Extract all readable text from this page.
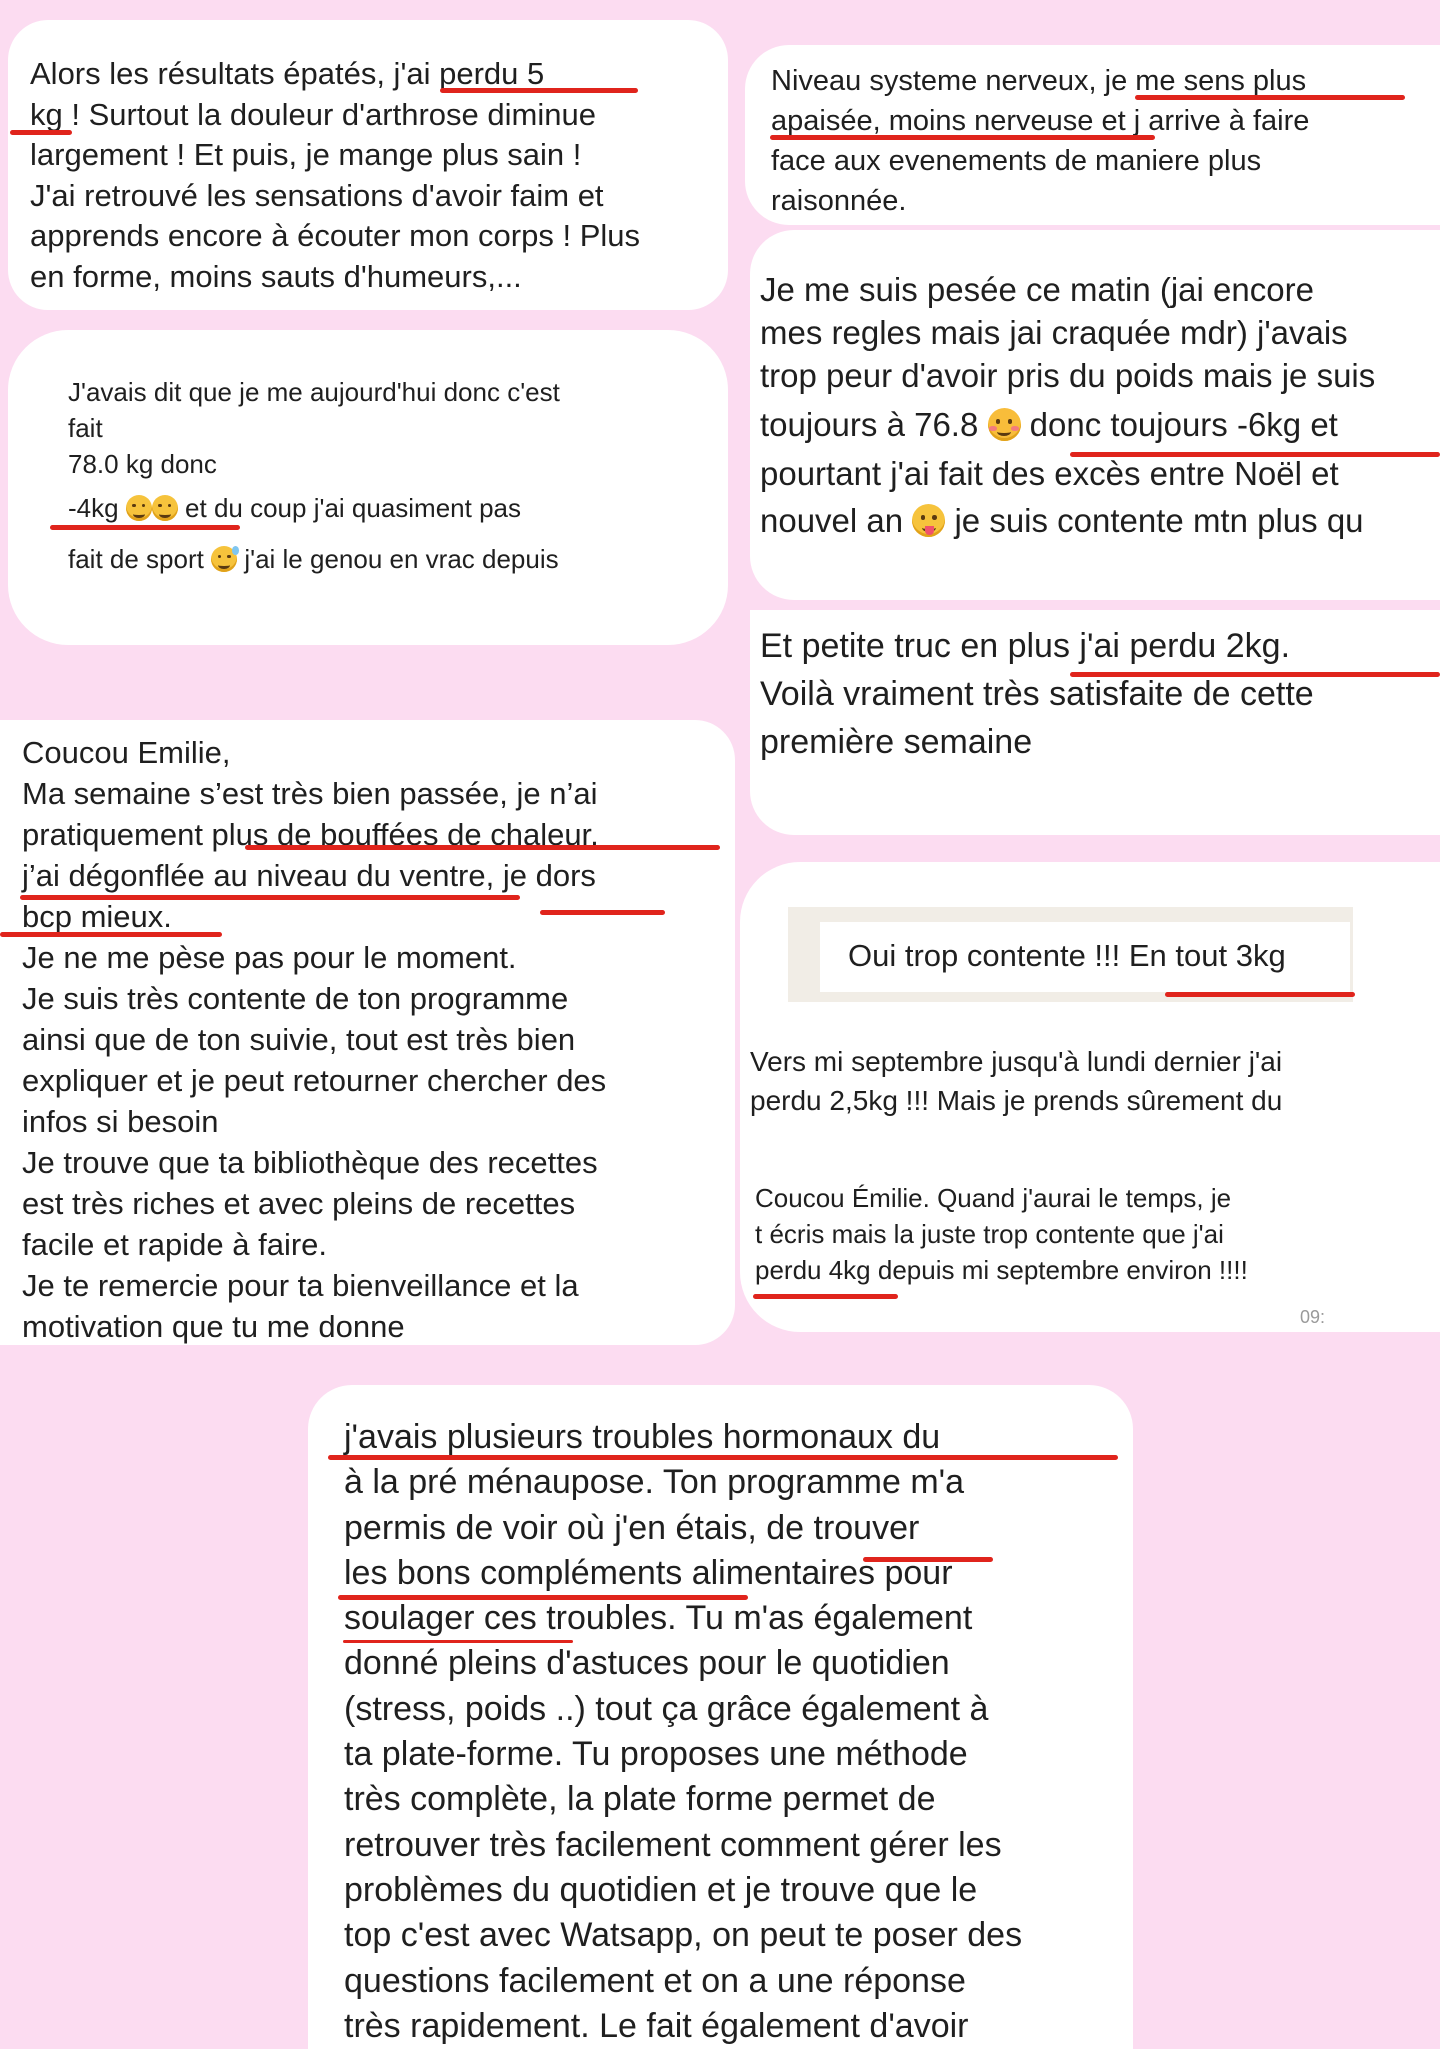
Alors les résultats épatés, j'ai perdu 5
kg ! Surtout la douleur d'arthrose diminue
largement ! Et puis, je mange plus sain !
J'ai retrouvé les sensations d'avoir faim et
apprends encore à écouter mon corps ! Plus
en forme, moins sauts d'humeurs,...
J'avais dit que je me aujourd'hui donc c'est
fait
78.0 kg donc
-4kg	et du coup j'ai quasiment pas
fait de sport j'ai le genou en vrac depuis
Coucou Emilie,
Ma semaine s’est très bien passée, je n’ai
pratiquement plus de bouffées de chaleur,
j’ai dégonflée au niveau du ventre, je dors
bcp mieux.
Je ne me pèse pas pour le moment.
Je suis très contente de ton programme
ainsi que de ton suivie, tout est très bien
expliquer et je peut retourner chercher des
infos si besoin
Je trouve que ta bibliothèque des recettes
est très riches et avec pleins de recettes
facile et rapide à faire.
Je te remercie pour ta bienveillance et la
motivation que tu me donne
Niveau systeme nerveux, je me sens plus
apaisée, moins nerveuse et j arrive à faire
face aux evenements de maniere plus
raisonnée.
Je me suis pesée ce matin (jai encore
mes regles mais jai craquée mdr) j'avais
trop peur d'avoir pris du poids mais je suis
toujours à 76.8 donc toujours -6kg et
pourtant j'ai fait des excès entre Noël et
nouvel an je suis contente mtn plus qu
Et petite truc en plus j'ai perdu 2kg.
Voilà vraiment très satisfaite de cette
première semaine
Oui trop contente !!! En tout 3kg
Vers mi septembre jusqu'à lundi dernier j'ai
perdu 2,5kg !!! Mais je prends sûrement du
Coucou Émilie. Quand j'aurai le temps, je
t écris mais la juste trop contente que j'ai
perdu 4kg depuis mi septembre environ !!!!
09:
j'avais plusieurs troubles hormonaux du
à la pré ménaupose. Ton programme m'a
permis de voir où j'en étais, de trouver
les bons compléments alimentaires pour
soulager ces troubles. Tu m'as également
donné pleins d'astuces pour le quotidien
(stress, poids ..) tout ça grâce également à
ta plate-forme. Tu proposes une méthode
très complète, la plate forme permet de
retrouver très facilement comment gérer les
problèmes du quotidien et je trouve que le
top c'est avec Watsapp, on peut te poser des
questions facilement et on a une réponse
très rapidement. Le fait également d'avoir
